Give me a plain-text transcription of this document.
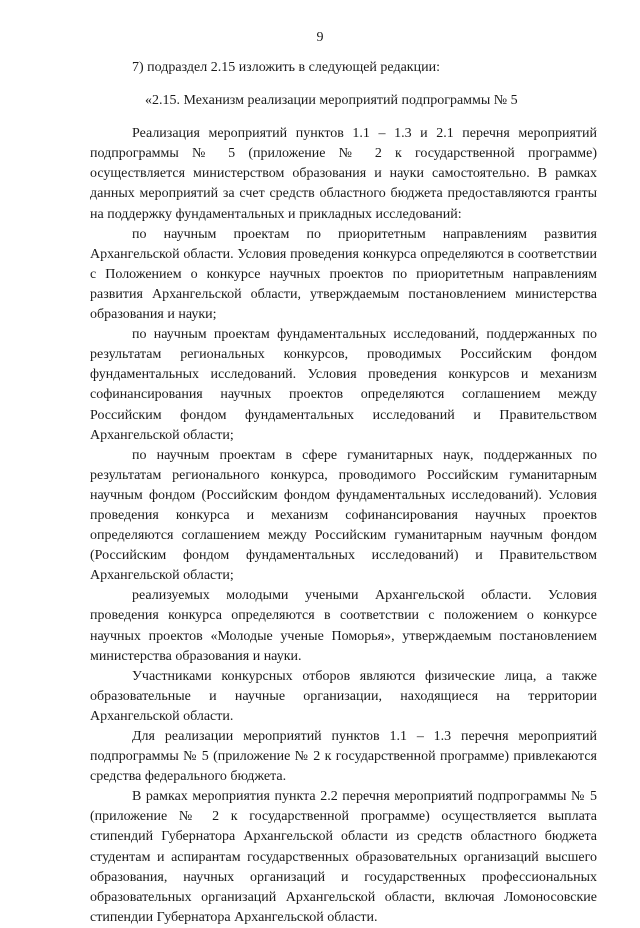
9

7) подраздел 2.15 изложить в следующей редакции:

«2.15. Механизм реализации мероприятий подпрограммы № 5

Реализация мероприятий пунктов 1.1 – 1.3 и 2.1 перечня мероприятий подпрограммы № 5 (приложение № 2 к государственной программе) осуществляется министерством образования и науки самостоятельно. В рамках данных мероприятий за счет средств областного бюджета предоставляются гранты на поддержку фундаментальных и прикладных исследований:

по научным проектам по приоритетным направлениям развития Архангельской области. Условия проведения конкурса определяются в соответствии с Положением о конкурсе научных проектов по приоритетным направлениям развития Архангельской области, утверждаемым постановлением министерства образования и науки;

по научным проектам фундаментальных исследований, поддержанных по результатам региональных конкурсов, проводимых Российским фондом фундаментальных исследований. Условия проведения конкурсов и механизм софинансирования научных проектов определяются соглашением между Российским фондом фундаментальных исследований и Правительством Архангельской области;

по научным проектам в сфере гуманитарных наук, поддержанных по результатам регионального конкурса, проводимого Российским гуманитарным научным фондом (Российским фондом фундаментальных исследований). Условия проведения конкурса и механизм софинансирования научных проектов определяются соглашением между Российским гуманитарным научным фондом (Российским фондом фундаментальных исследований) и Правительством Архангельской области;

реализуемых молодыми учеными Архангельской области. Условия проведения конкурса определяются в соответствии с положением о конкурсе научных проектов «Молодые ученые Поморья», утверждаемым постановлением министерства образования и науки.

Участниками конкурсных отборов являются физические лица, а также образовательные и научные организации, находящиеся на территории Архангельской области.

Для реализации мероприятий пунктов 1.1 – 1.3 перечня мероприятий подпрограммы № 5 (приложение № 2 к государственной программе) привлекаются средства федерального бюджета.

В рамках мероприятия пункта 2.2 перечня мероприятий подпрограммы № 5 (приложение № 2 к государственной программе) осуществляется выплата стипендий Губернатора Архангельской области из средств областного бюджета студентам и аспирантам государственных образовательных организаций высшего образования, научных организаций и государственных профессиональных образовательных организаций Архангельской области, включая Ломоносовские стипендии Губернатора Архангельской области.
